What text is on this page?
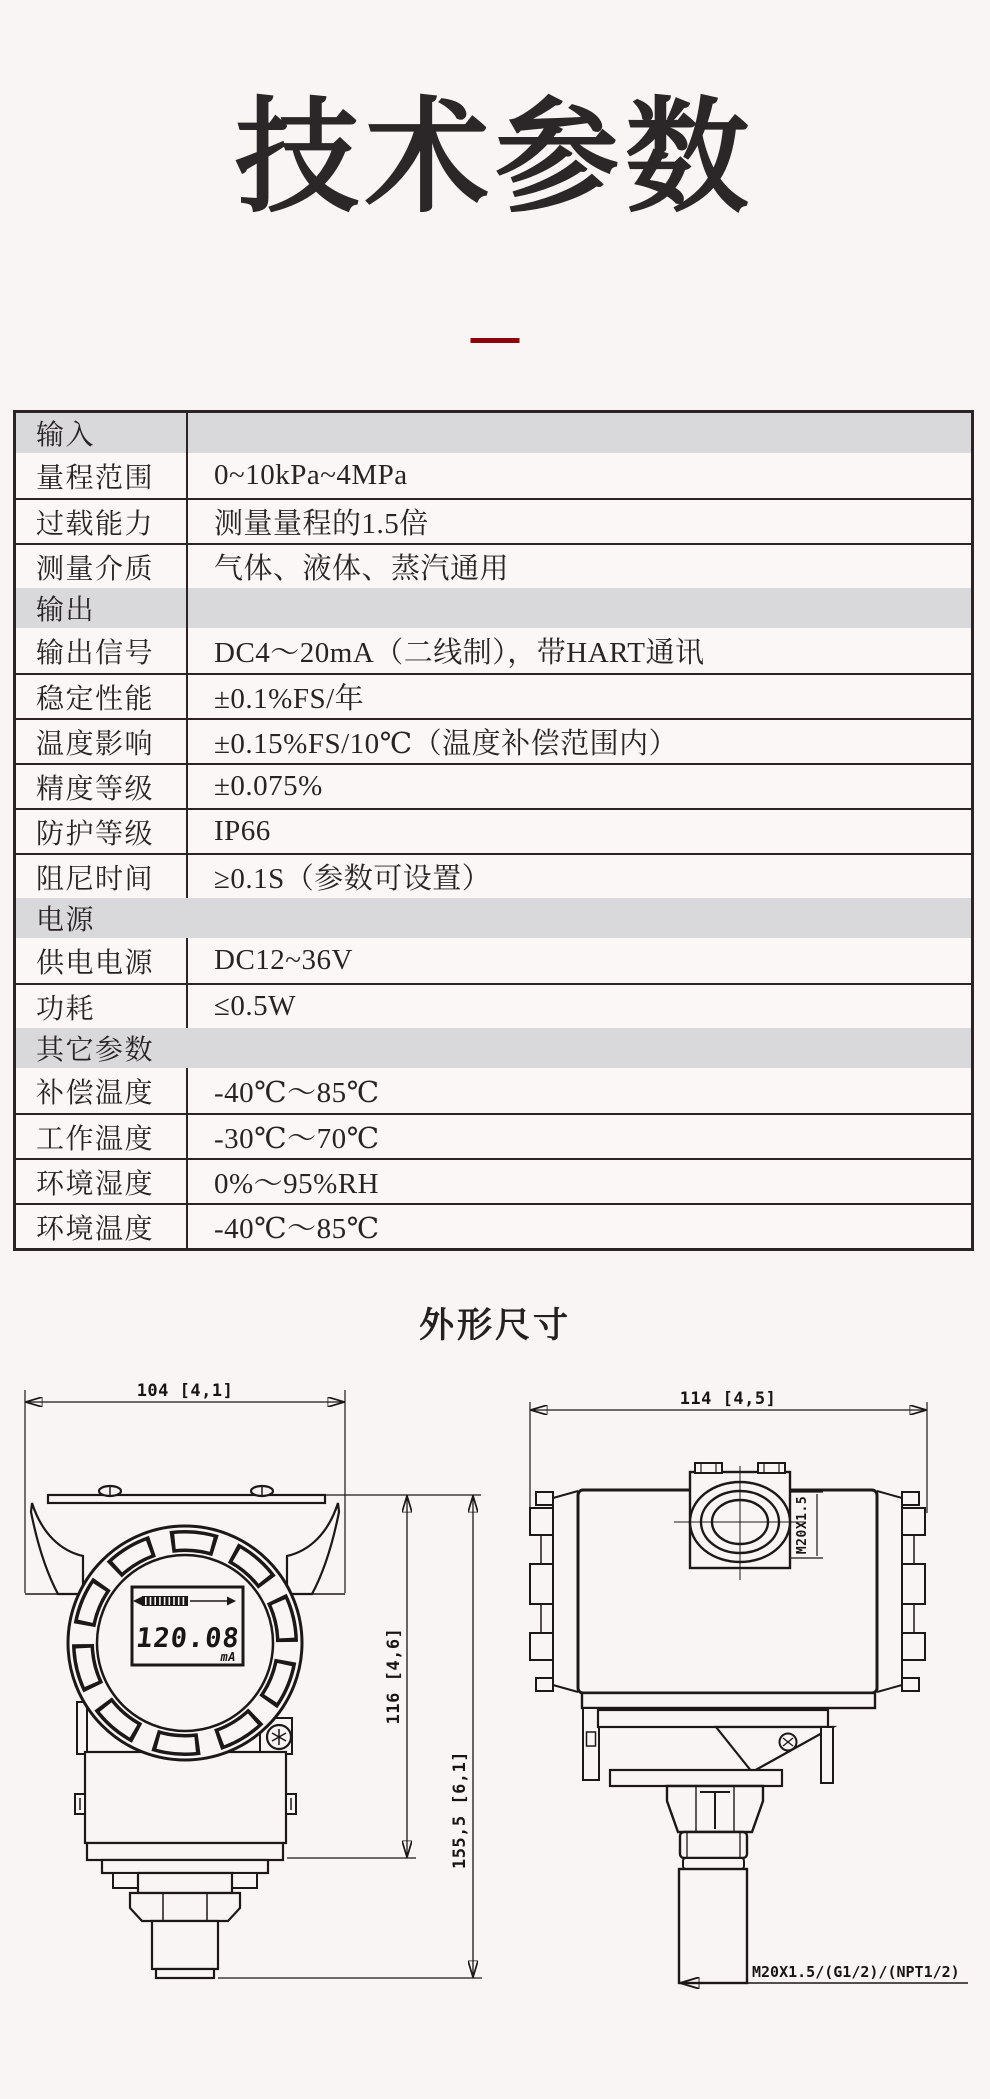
技术参数
输入
量程范围	0~10kPa~4MPa
过载能力	测量量程的1.5倍
测量介质	气体、液体、蒸汽通用
输出
输出信号	DC4～20mA（二线制），带HART通讯
稳定性能	±0.1%FS/年
温度影响	±0.15%FS/10℃（温度补偿范围内）
精度等级	±0.075%
防护等级	IP66
阻尼时间	≥0.1S（参数可设置）
电源
供电电源	DC12~36V
功耗	≤0.5W
其它参数
补偿温度	-40℃～85℃
工作温度	-30℃～70℃
环境湿度	0%～95%RH
环境温度	-40℃～85℃
外形尺寸
104 [4,1]
116 [4,6]
155,5 [6,1]
120.08
mA
114 [4,5]
M20X1.5
M20X1.5/(G1/2)/(NPT1/2)
